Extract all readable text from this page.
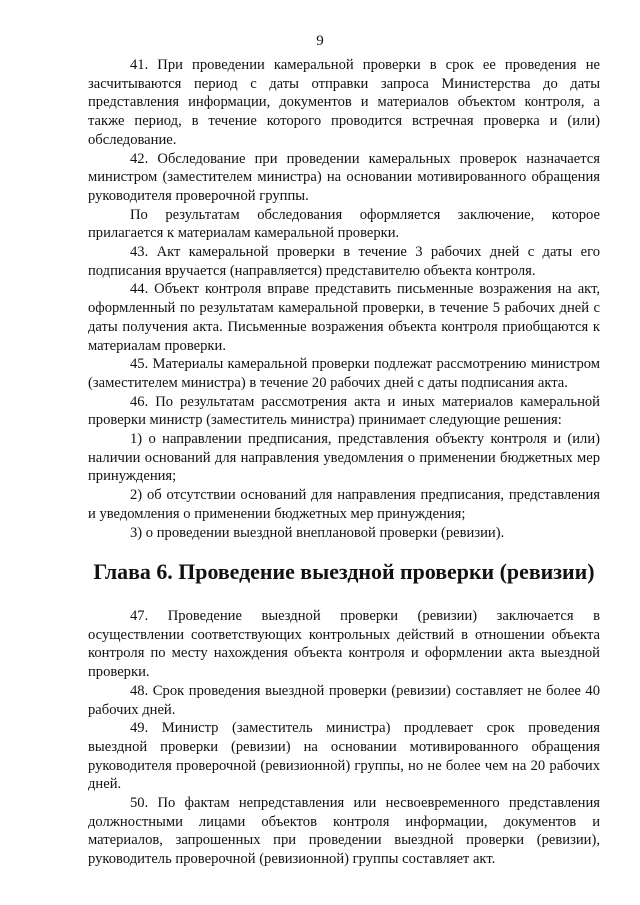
9

41. При проведении камеральной проверки в срок ее проведения не засчитываются период с даты отправки запроса Министерства до даты представления информации, документов и материалов объектом контроля, а также период, в течение которого проводится встречная проверка и (или) обследование.

42. Обследование при проведении камеральных проверок назначается министром (заместителем министра) на основании мотивированного обращения руководителя проверочной группы.

По результатам обследования оформляется заключение, которое прилагается к материалам камеральной проверки.

43. Акт камеральной проверки в течение 3 рабочих дней с даты его подписания вручается (направляется) представителю объекта контроля.

44. Объект контроля вправе представить письменные возражения на акт, оформленный по результатам камеральной проверки, в течение 5 рабочих дней с даты получения акта. Письменные возражения объекта контроля приобщаются к материалам проверки.

45. Материалы камеральной проверки подлежат рассмотрению министром (заместителем министра) в течение 20 рабочих дней с даты подписания акта.

46. По результатам рассмотрения акта и иных материалов камеральной проверки министр (заместитель министра) принимает следующие решения:

1) о направлении предписания, представления объекту контроля и (или) наличии оснований для направления уведомления о применении бюджетных мер принуждения;

2) об отсутствии оснований для направления предписания, представления и уведомления о применении бюджетных мер принуждения;

3) о проведении выездной внеплановой проверки (ревизии).

Глава 6. Проведение выездной проверки (ревизии)

47. Проведение выездной проверки (ревизии) заключается в осуществлении соответствующих контрольных действий в отношении объекта контроля по месту нахождения объекта контроля и оформлении акта выездной проверки.

48. Срок проведения выездной проверки (ревизии) составляет не более 40 рабочих дней.

49. Министр (заместитель министра) продлевает срок проведения выездной проверки (ревизии) на основании мотивированного обращения руководителя проверочной (ревизионной) группы, но не более чем на 20 рабочих дней.

50. По фактам непредставления или несвоевременного представления должностными лицами объектов контроля информации, документов и материалов, запрошенных при проведении выездной проверки (ревизии), руководитель проверочной (ревизионной) группы составляет акт.
